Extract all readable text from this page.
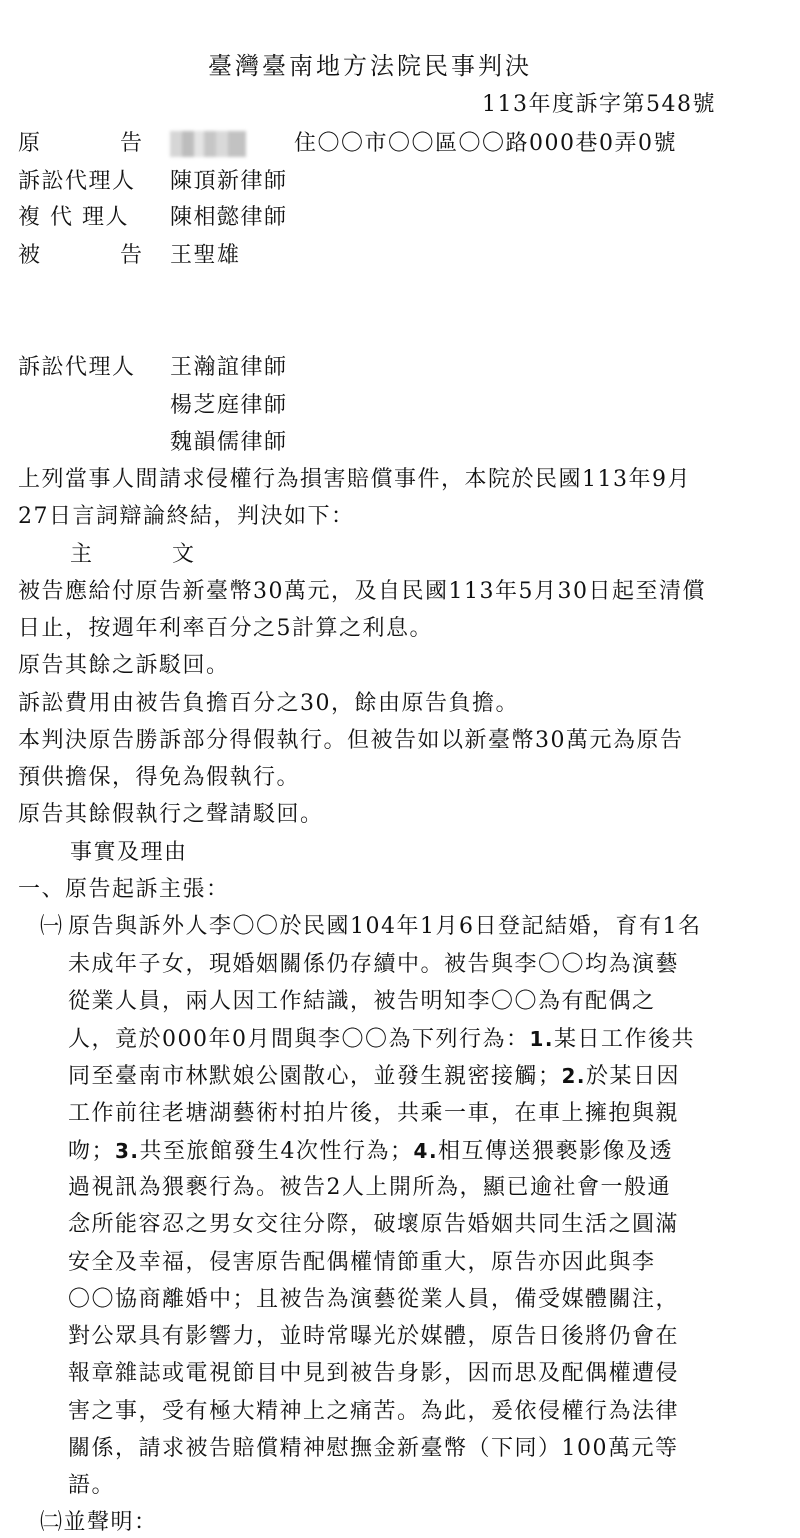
臺灣臺南地方法院民事判決
113年度訴字第548號
原	告	住〇〇市〇〇區〇〇路000巷0弄0號
訴訟代理人 陳頂新律師
複 代 理人 陳相懿律師
被	告 王聖雄
訴訟代理人 王瀚誼律師
楊芝庭律師
魏韻儒律師
上列當事人間請求侵權行為損害賠償事件，本院於民國113年9月
27日言詞辯論終結，判決如下：
主	文
被告應給付原告新臺幣30萬元，及自民國113年5月30日起至清償
日止，按週年利率百分之5計算之利息。
原告其餘之訴駁回。
訴訟費用由被告負擔百分之30，餘由原告負擔。
本判決原告勝訴部分得假執行。但被告如以新臺幣30萬元為原告
預供擔保，得免為假執行。
原告其餘假執行之聲請駁回。
事實及理由
一、原告起訴主張：
㈠ 原告與訴外人李〇〇於民國104年1月6日登記結婚，育有1名
未成年子女，現婚姻關係仍存續中。被告與李〇〇均為演藝
從業人員，兩人因工作結識，被告明知李〇〇為有配偶之
人，竟於000年0月間與李〇〇為下列行為：1.某日工作後共
同至臺南市林默娘公園散心，並發生親密接觸；2.於某日因
工作前往老塘湖藝術村拍片後，共乘一車，在車上擁抱與親
吻；3.共至旅館發生4次性行為；4.相互傳送猥褻影像及透
過視訊為猥褻行為。被告2人上開所為，顯已逾社會一般通
念所能容忍之男女交往分際，破壞原告婚姻共同生活之圓滿
安全及幸福，侵害原告配偶權情節重大，原告亦因此與李
〇〇協商離婚中；且被告為演藝從業人員，備受媒體關注，
對公眾具有影響力，並時常曝光於媒體，原告日後將仍會在
報章雜誌或電視節目中見到被告身影，因而思及配偶權遭侵
害之事，受有極大精神上之痛苦。為此，爰依侵權行為法律
關係，請求被告賠償精神慰撫金新臺幣（下同）100萬元等
語。
㈡並聲明：
